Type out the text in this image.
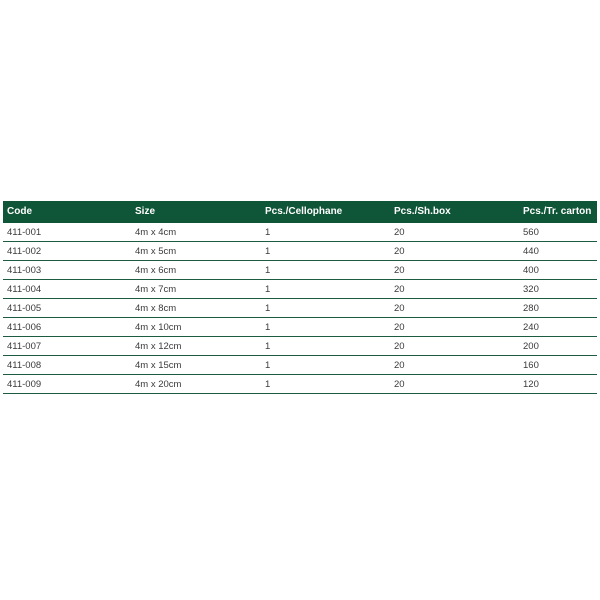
Code	Size	Pcs./Cellophane	Pcs./Sh.box	Pcs./Tr. carton
411-001	4m x 4cm	1	20	560
411-002	4m x 5cm	1	20	440
411-003	4m x 6cm	1	20	400
411-004	4m x 7cm	1	20	320
411-005	4m x 8cm	1	20	280
411-006	4m x 10cm	1	20	240
411-007	4m x 12cm	1	20	200
411-008	4m x 15cm	1	20	160
411-009	4m x 20cm	1	20	120
